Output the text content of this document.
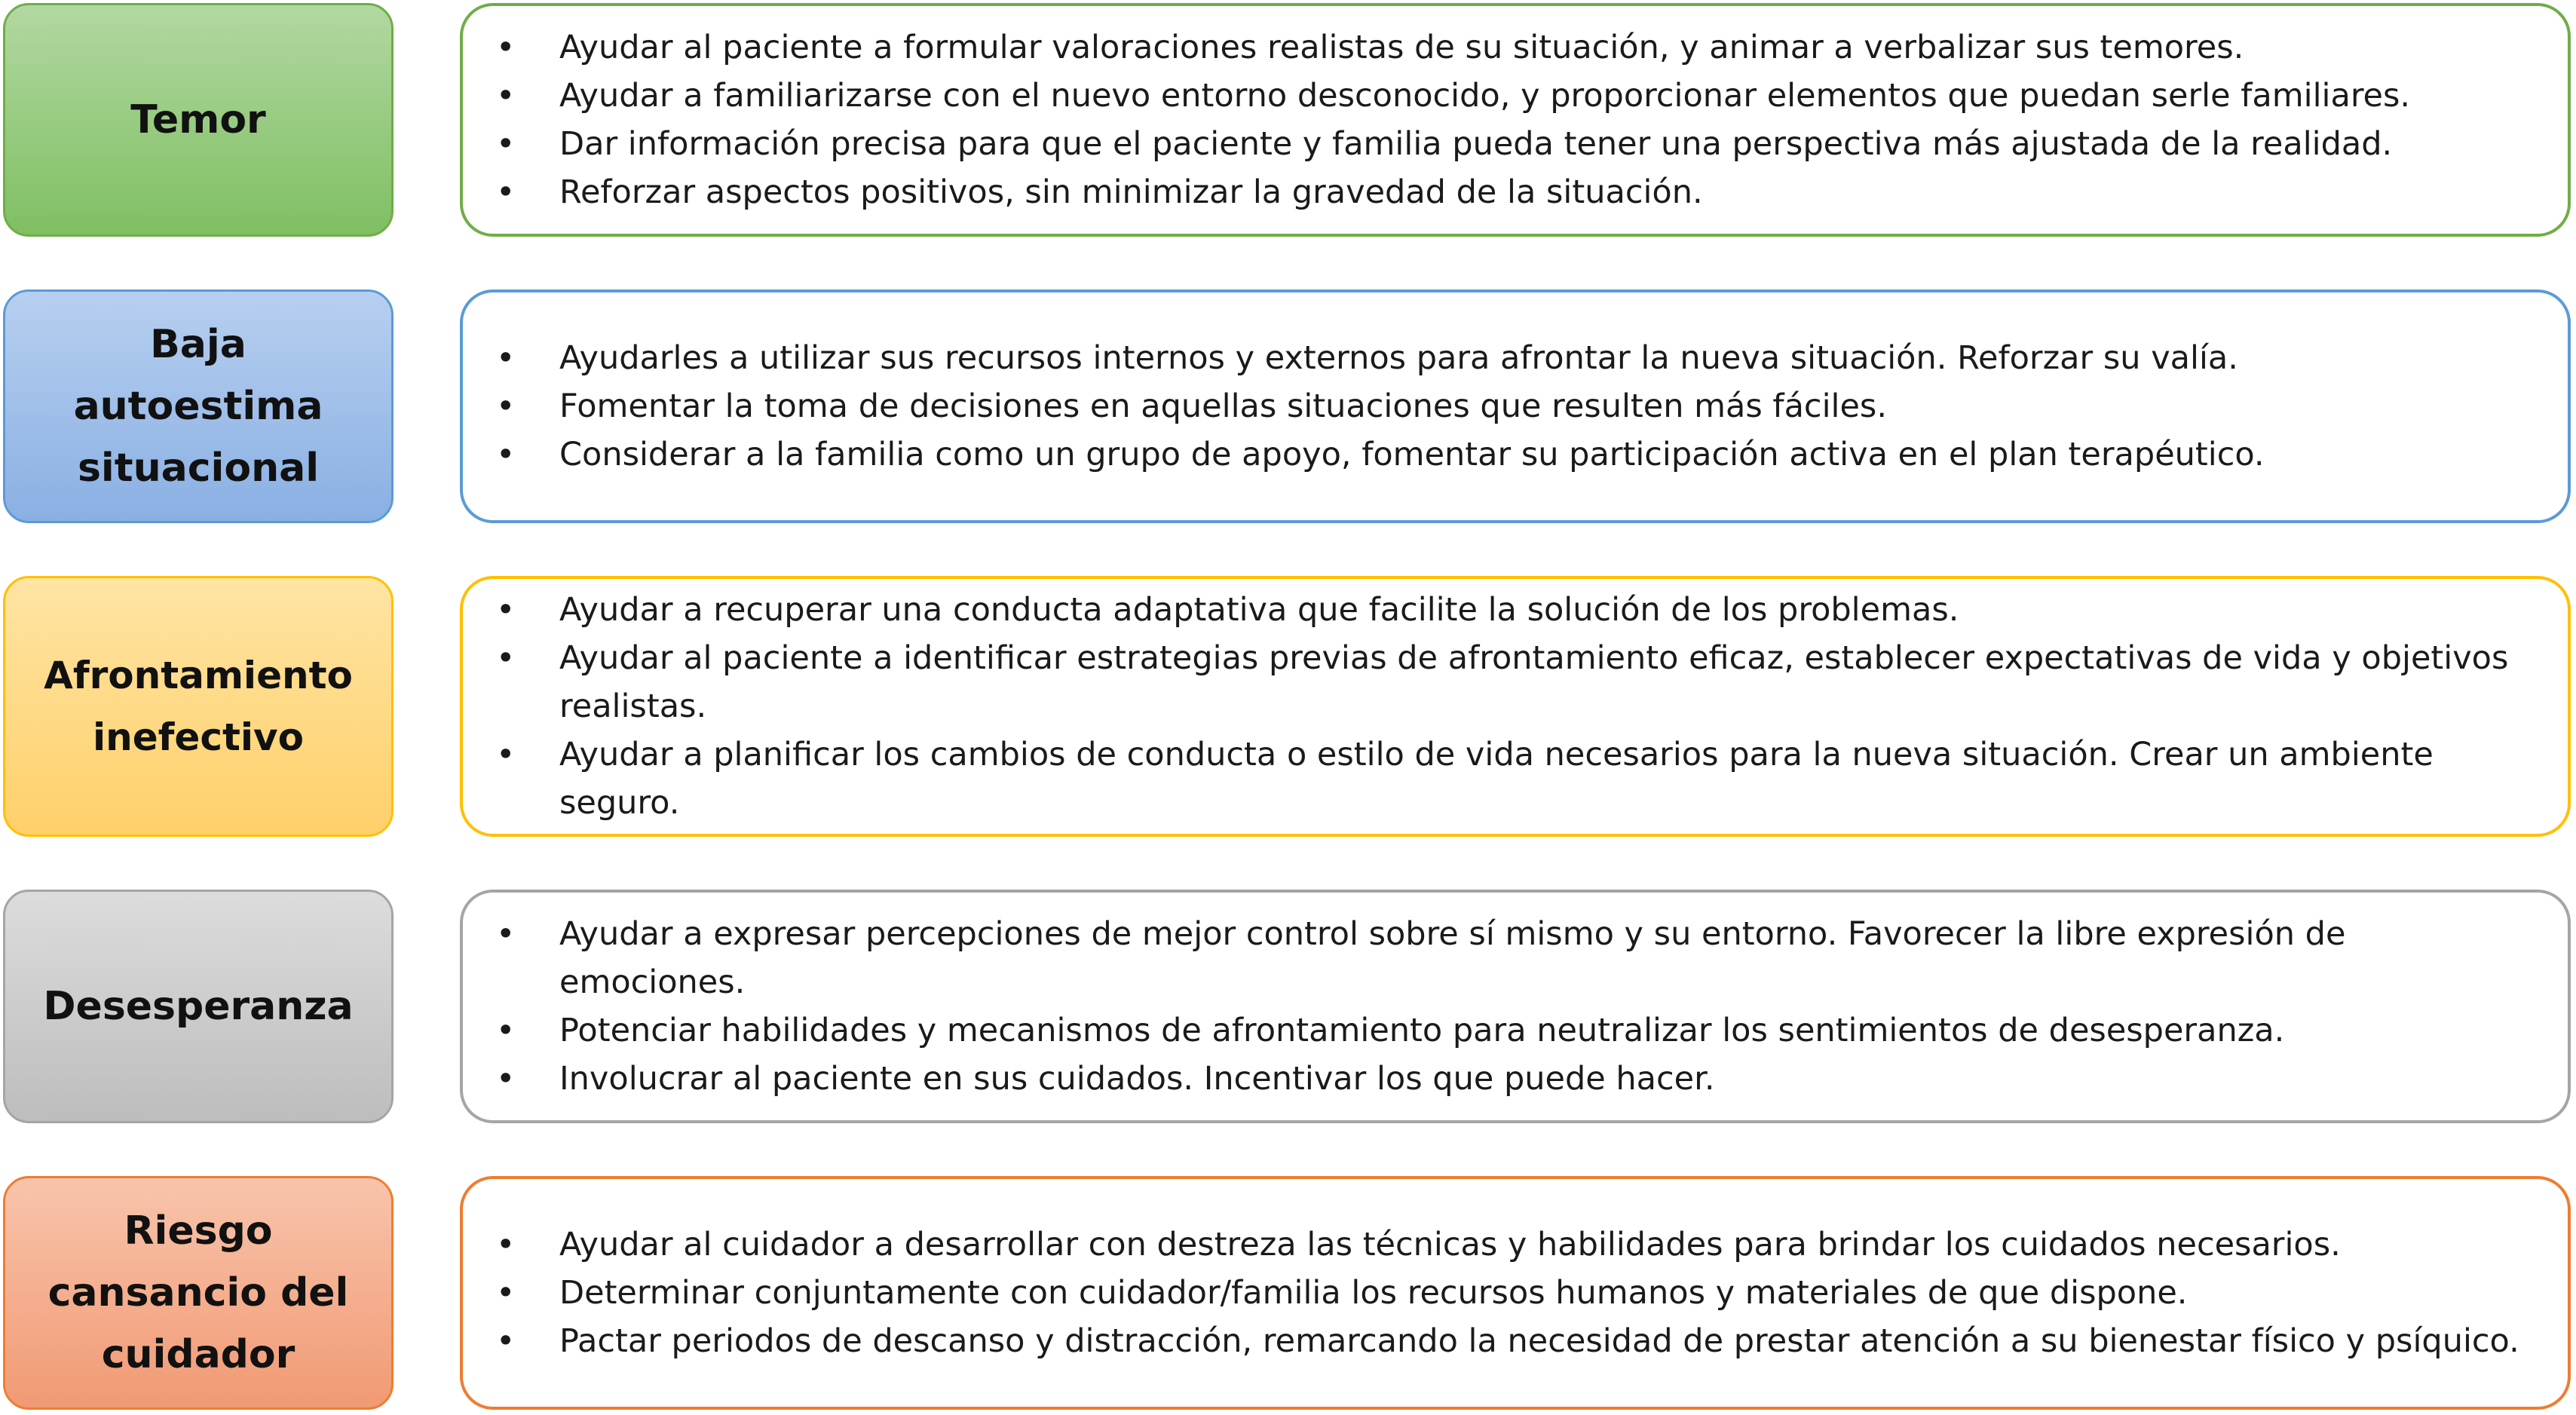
Temor
• Ayudar al paciente a formular valoraciones realistas de su situación, y animar a verbalizar sus temores.
• Ayudar a familiarizarse con el nuevo entorno desconocido, y proporcionar elementos que puedan serle familiares.
• Dar información precisa para que el paciente y familia pueda tener una perspectiva más ajustada de la realidad.
• Reforzar aspectos positivos, sin minimizar la gravedad de la situación.
Baja autoestima situacional
• Ayudarles a utilizar sus recursos internos y externos para afrontar la nueva situación. Reforzar su valía.
• Fomentar la toma de decisiones en aquellas situaciones que resulten más fáciles.
• Considerar a la familia como un grupo de apoyo, fomentar su participación activa en el plan terapéutico.
Afrontamiento inefectivo
• Ayudar a recuperar una conducta adaptativa que facilite la solución de los problemas.
• Ayudar al paciente a identificar estrategias previas de afrontamiento eficaz, establecer expectativas de vida y objetivos realistas.
• Ayudar a planificar los cambios de conducta o estilo de vida necesarios para la nueva situación. Crear un ambiente seguro.
Desesperanza
• Ayudar a expresar percepciones de mejor control sobre sí mismo y su entorno. Favorecer la libre expresión de emociones.
• Potenciar habilidades y mecanismos de afrontamiento para neutralizar los sentimientos de desesperanza.
• Involucrar al paciente en sus cuidados. Incentivar los que puede hacer.
Riesgo cansancio del cuidador
• Ayudar al cuidador a desarrollar con destreza las técnicas y habilidades para brindar los cuidados necesarios.
• Determinar conjuntamente con cuidador/familia los recursos humanos y materiales de que dispone.
• Pactar periodos de descanso y distracción, remarcando la necesidad de prestar atención a su bienestar físico y psíquico.
